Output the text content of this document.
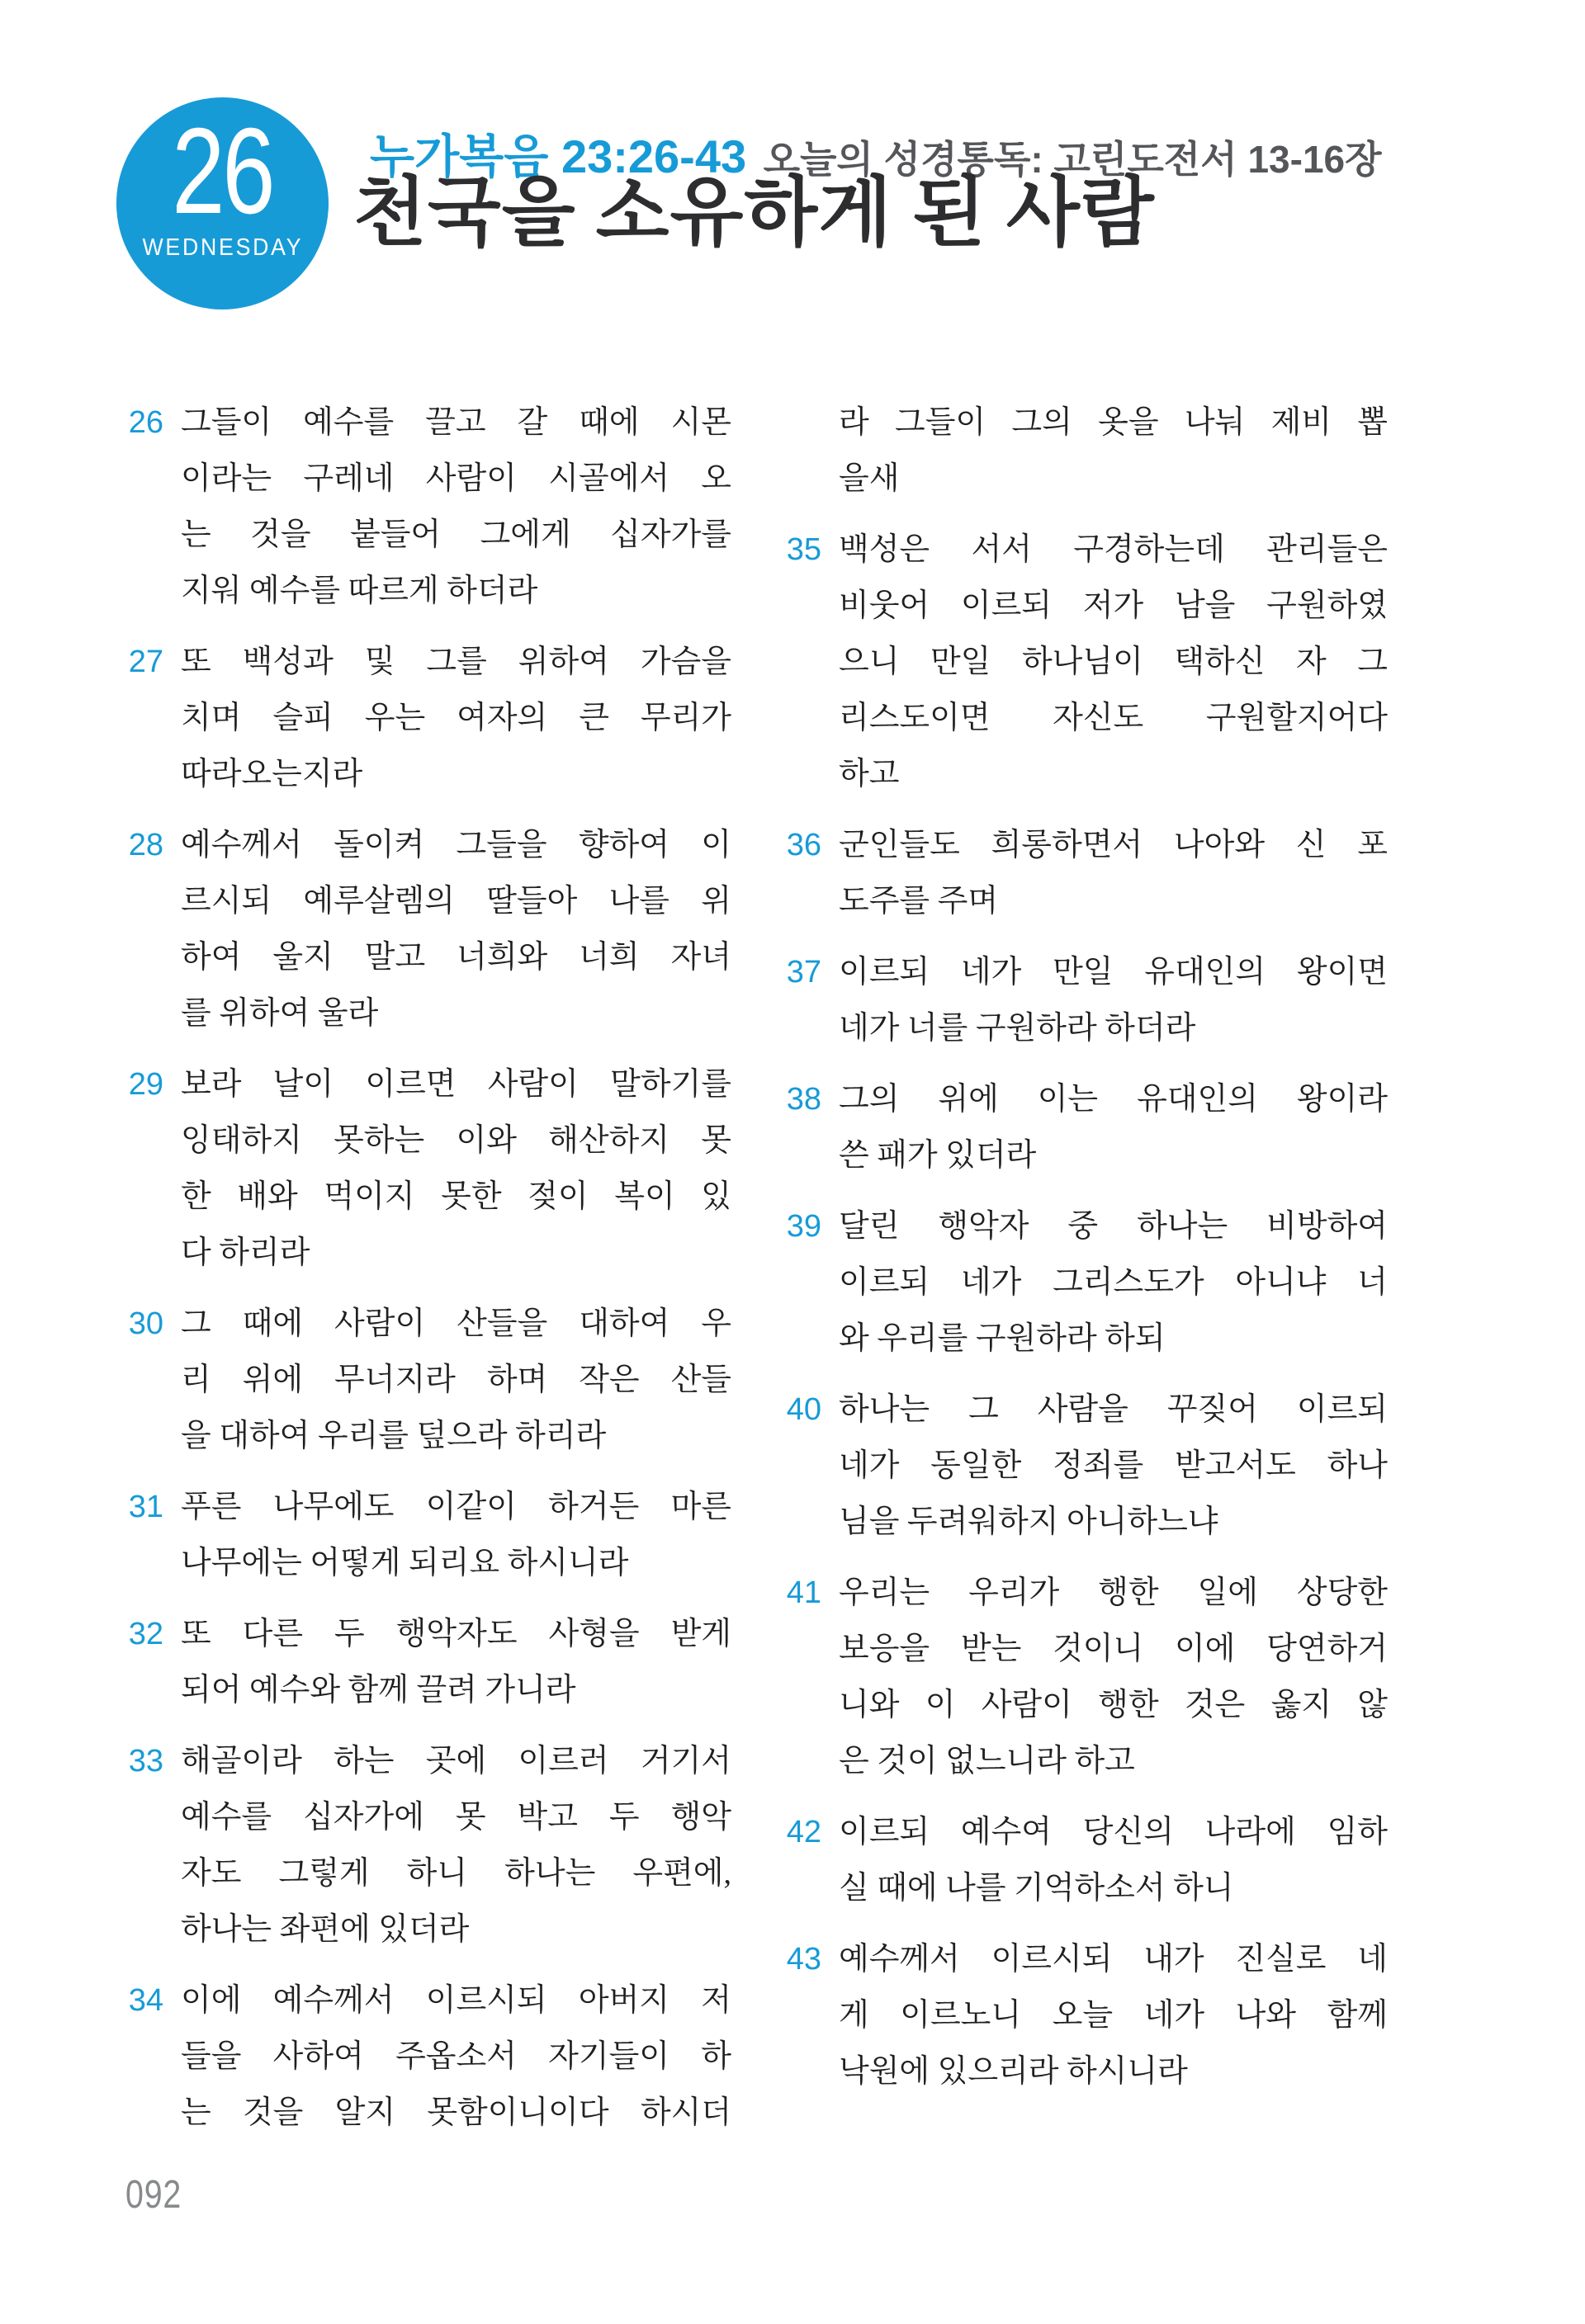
26
WEDNESDAY
누가복음 23:26-43 오늘의 성경통독: 고린도전서 13-16장
천국을 소유하게 된 사람
26 그들이 예수를 끌고 갈 때에 시몬
이라는 구레네 사람이 시골에서 오
는 것을 붙들어 그에게 십자가를
지워 예수를 따르게 하더라
27 또 백성과 및 그를 위하여 가슴을
치며 슬피 우는 여자의 큰 무리가
따라오는지라
28 예수께서 돌이켜 그들을 향하여 이
르시되 예루살렘의 딸들아 나를 위
하여 울지 말고 너희와 너희 자녀
를 위하여 울라
29 보라 날이 이르면 사람이 말하기를
잉태하지 못하는 이와 해산하지 못
한 배와 먹이지 못한 젖이 복이 있
다 하리라
30 그 때에 사람이 산들을 대하여 우
리 위에 무너지라 하며 작은 산들
을 대하여 우리를 덮으라 하리라
31 푸른 나무에도 이같이 하거든 마른
나무에는 어떻게 되리요 하시니라
32 또 다른 두 행악자도 사형을 받게
되어 예수와 함께 끌려 가니라
33 해골이라 하는 곳에 이르러 거기서
예수를 십자가에 못 박고 두 행악
자도 그렇게 하니 하나는 우편에,
하나는 좌편에 있더라
34 이에 예수께서 이르시되 아버지 저
들을 사하여 주옵소서 자기들이 하
는 것을 알지 못함이니이다 하시더
라 그들이 그의 옷을 나눠 제비 뽑
을새
35 백성은 서서 구경하는데 관리들은
비웃어 이르되 저가 남을 구원하였
으니 만일 하나님이 택하신 자 그
리스도이면 자신도 구원할지어다
하고
36 군인들도 희롱하면서 나아와 신 포
도주를 주며
37 이르되 네가 만일 유대인의 왕이면
네가 너를 구원하라 하더라
38 그의 위에 이는 유대인의 왕이라
쓴 패가 있더라
39 달린 행악자 중 하나는 비방하여
이르되 네가 그리스도가 아니냐 너
와 우리를 구원하라 하되
40 하나는 그 사람을 꾸짖어 이르되
네가 동일한 정죄를 받고서도 하나
님을 두려워하지 아니하느냐
41 우리는 우리가 행한 일에 상당한
보응을 받는 것이니 이에 당연하거
니와 이 사람이 행한 것은 옳지 않
은 것이 없느니라 하고
42 이르되 예수여 당신의 나라에 임하
실 때에 나를 기억하소서 하니
43 예수께서 이르시되 내가 진실로 네
게 이르노니 오늘 네가 나와 함께
낙원에 있으리라 하시니라
092
